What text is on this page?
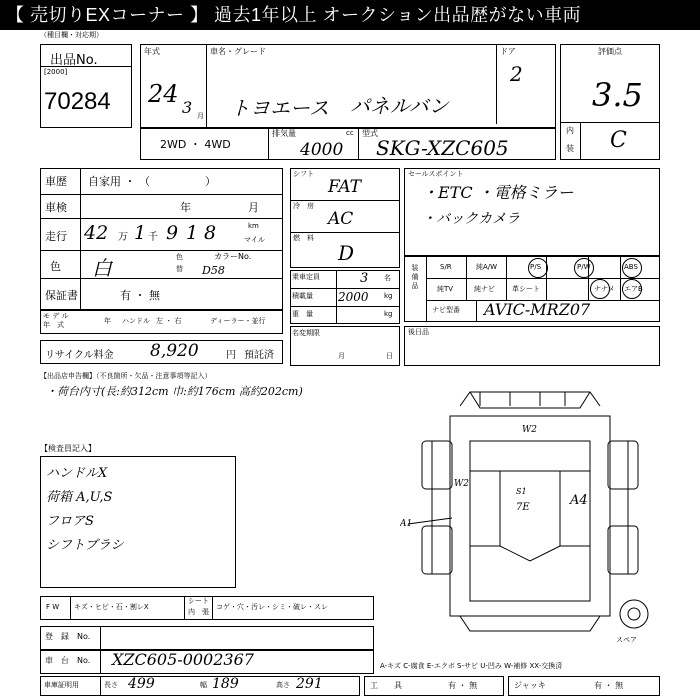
【 売切りEXコーナー 】 過去1年以上 オークション出品歴がない車両
（種目欄・対応期）
出品No.
[2000]
70284
年式
24 3 月
車名・グレード
トヨエース パネルバン
ドア
2
2WD ・ 4WD
排気量	cc
4000
型式
SKG-XZC605
評価点
3.5
内
装 C
車歴 自家用 ・ （　　　　　）
車検	年	月
走行 42 万 1 千 9 1 8	km
マイル
色 白	色
替
カラーNo.
D58
保証書	有 ・ 無
モ デ ル
年　式	年 ハンドル 左 ・ 右	ディーラー・並行
リサイクル料金 8,920	円 預託済
シフト
FAT
冷　房
AC
燃　料
D
乗車定員	3 名
積載量 2000 kg
重　量	kg
名変期限
月	日
セールスポイント
・ETC ・電格ミラー
・バックカメラ
装 備 品
S/R	純A/W	P/S	P/W	ABS
純TV	純ナビ 革シート	ナナメ エアB
ナビ型番 AVIC-MRZ07
後日品
【出品店申告欄】（不良箇所・欠品・注意事項等記入）
・荷台内寸(長:約312cm 巾:約176cm 高約202cm)
【検査員記入】
ハンドルX
荷箱 A,U,S
フロアS
シフトブラシ
W2
W2
S1
7E	A4
A1
スペア
F W キズ・ヒビ・石・割レX
シート
内　張
コゲ・穴・汚レ・シミ・破レ・スレ
登　録　No.
車　台　No. XZC605-0002367	A-キズ C-腐食 E-エクボ S-サビ U-凹み W-補修 XX-交換済
車庫証明用	長さ 499	幅 189	高さ 291	工　　具	有 ・ 無	ジャッキ	有 ・ 無
